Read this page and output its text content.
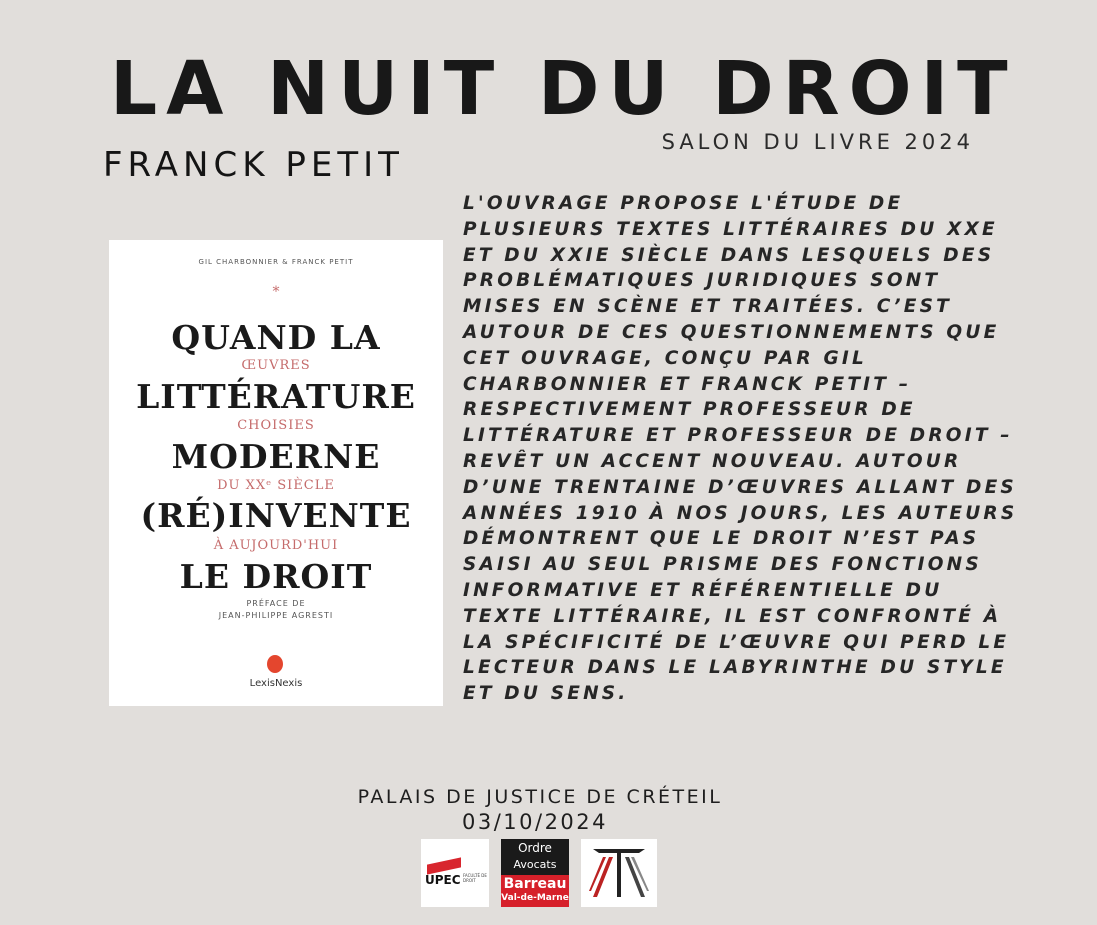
LA NUIT DU DROIT
SALON DU LIVRE 2024
FRANCK PETIT
GIL CHARBONNIER & FRANCK PETIT
*
QUAND LA
ŒUVRES
LITTÉRATURE
CHOISIES
MODERNE
DU XXᵉ SIÈCLE
(RÉ)INVENTE
À AUJOURD'HUI
LE DROIT
PRÉFACE DE
JEAN-PHILIPPE AGRESTI
LexisNexis
L'OUVRAGE PROPOSE L'ÉTUDE DE PLUSIEURS TEXTES LITTÉRAIRES DU XXE ET DU XXIE SIÈCLE DANS LESQUELS DES PROBLÉMATIQUES JURIDIQUES SONT MISES EN SCÈNE ET TRAITÉES. C’EST AUTOUR DE CES QUESTIONNEMENTS QUE CET OUVRAGE, CONÇU PAR GIL CHARBONNIER ET FRANCK PETIT – RESPECTIVEMENT PROFESSEUR DE LITTÉRATURE ET PROFESSEUR DE DROIT – REVÊT UN ACCENT NOUVEAU. AUTOUR D’UNE TRENTAINE D’ŒUVRES ALLANT DES ANNÉES 1910 À NOS JOURS, LES AUTEURS DÉMONTRENT QUE LE DROIT N’EST PAS SAISI AU SEUL PRISME DES FONCTIONS INFORMATIVE ET RÉFÉRENTIELLE DU TEXTE LITTÉRAIRE, IL EST CONFRONTÉ À LA SPÉCIFICITÉ DE L’ŒUVRE QUI PERD LE LECTEUR DANS LE LABYRINTHE DU STYLE ET DU SENS.
PALAIS DE JUSTICE DE CRÉTEIL
03/10/2024
UPEC FACULTÉ DE DROIT
Ordre
Avocats
Barreau
Val-de-Marne
